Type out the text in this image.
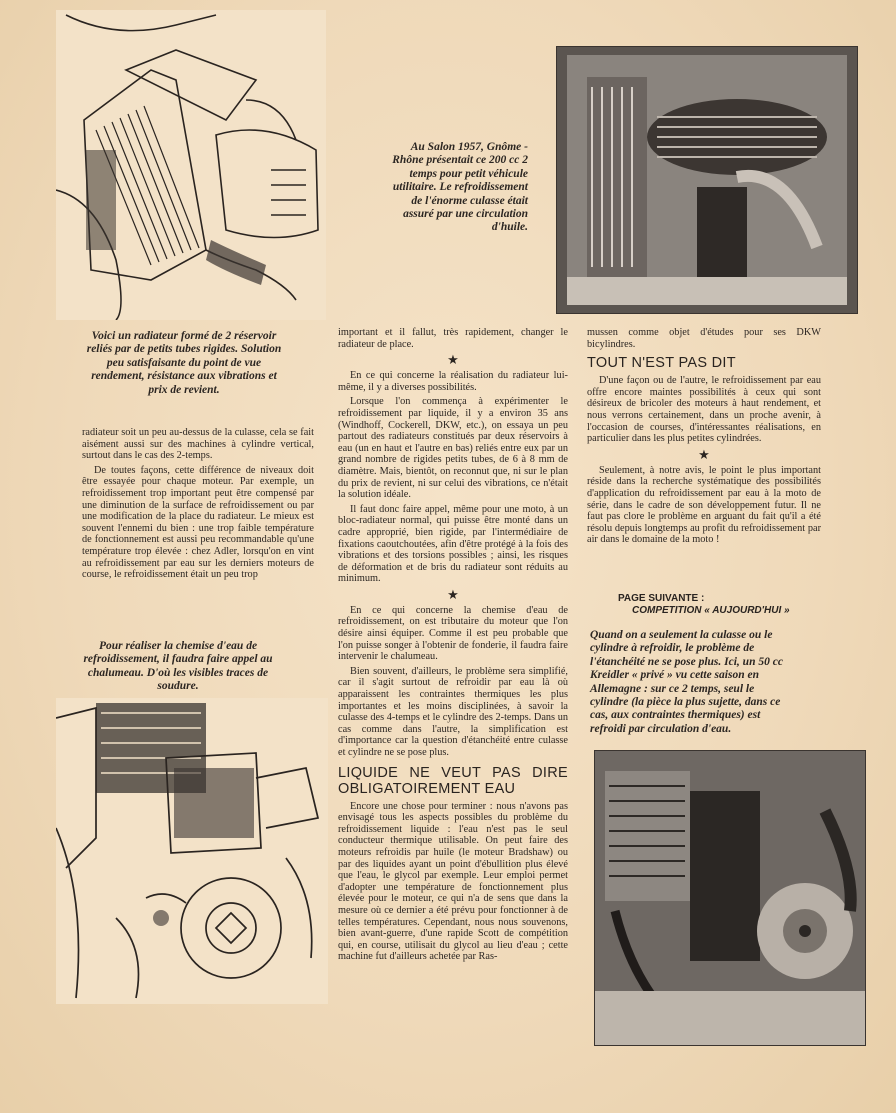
Au Salon 1957, Gnôme - Rhône présentait ce 200 cc 2 temps pour petit véhicule utilitaire. Le refroidissement de l'énorme culasse était assuré par une circulation d'huile.
Voici un radiateur formé de 2 réservoir reliés par de petits tubes rigides. Solution peu satisfaisante du point de vue rendement, résistance aux vibrations et prix de revient.

radiateur soit un peu au-dessus de la culasse, cela se fait aisément aussi sur des machines à cylindre vertical, surtout dans le cas des 2-temps.

De toutes façons, cette différence de niveaux doit être essayée pour chaque moteur. Par exemple, un refroidissement trop important peut être compensé par une diminution de la surface de refroidissement ou par une modification de la place du radiateur. Le mieux est souvent l'ennemi du bien : une trop faible température de fonctionnement est aussi peu recommandable qu'une température trop élevée : chez Adler, lorsqu'on en vint au refroidissement par eau sur les derniers moteurs de course, le refroidissement était un peu trop

Pour réaliser la chemise d'eau de refroidissement, il faudra faire appel au chalumeau. D'où les visibles traces de soudure.

important et il fallut, très rapidement, changer le radiateur de place.

★

En ce qui concerne la réalisation du radiateur lui-même, il y a diverses possibilités.

Lorsque l'on commença à expérimenter le refroidissement par liquide, il y a environ 35 ans (Windhoff, Cockerell, DKW, etc.), on essaya un peu partout des radiateurs constitués par deux réservoirs à eau (un en haut et l'autre en bas) reliés entre eux par un grand nombre de rigides petits tubes, de 6 à 8 mm de diamètre. Mais, bientôt, on reconnut que, ni sur le plan du prix de revient, ni sur celui des vibrations, ce n'était la solution idéale.

Il faut donc faire appel, même pour une moto, à un bloc-radiateur normal, qui puisse être monté dans un cadre approprié, bien rigide, par l'intermédiaire de fixations caoutchoutées, afin d'être protégé à la fois des vibrations et des torsions possibles ; ainsi, les risques de déformation et de bris du radiateur sont réduits au minimum.

★

En ce qui concerne la chemise d'eau de refroidissement, on est tributaire du moteur que l'on désire ainsi équiper. Comme il est peu probable que l'on puisse songer à l'obtenir de fonderie, il faudra faire intervenir le chalumeau.

Bien souvent, d'ailleurs, le problème sera simplifié, car il s'agit surtout de refroidir par eau là où apparaissent les contraintes thermiques les plus importantes et les moins disciplinées, à savoir la culasse des 4-temps et le cylindre des 2-temps. Dans un cas comme dans l'autre, la simplification est d'importance car la question d'étanchéité entre culasse et cylindre ne se pose plus.

LIQUIDE NE VEUT PAS DIRE OBLIGATOIREMENT EAU

Encore une chose pour terminer : nous n'avons pas envisagé tous les aspects possibles du problème du refroidissement liquide : l'eau n'est pas le seul conducteur thermique utilisable. On peut faire des moteurs refroidis par huile (le moteur Bradshaw) ou par des liquides ayant un point d'ébullition plus élevé que l'eau, le glycol par exemple. Leur emploi permet d'adopter une température de fonctionnement plus élevée pour le moteur, ce qui n'a de sens que dans la mesure où ce dernier a été prévu pour fonctionner à de telles températures. Cependant, nous nous souvenons, bien avant-guerre, d'une rapide Scott de compétition qui, en course, utilisait du glycol au lieu d'eau ; cette machine fut d'ailleurs achetée par Ras-

mussen comme objet d'études pour ses DKW bicylindres.

TOUT N'EST PAS DIT

D'une façon ou de l'autre, le refroidissement par eau offre encore maintes possibilités à ceux qui sont désireux de bricoler des moteurs à haut rendement, et nous verrons certainement, dans un proche avenir, à l'occasion de courses, d'intéressantes réalisations, en particulier dans les plus petites cylindrées.

★

Seulement, à notre avis, le point le plus important réside dans la recherche systématique des possibilités d'application du refroidissement par eau à la moto de série, dans le cadre de son développement futur. Il ne faut pas clore le problème en arguant du fait qu'il a été résolu depuis longtemps au profit du refroidissement par air dans le domaine de la moto !

PAGE SUIVANTE :
COMPETITION « AUJOURD'HUI »
Quand on a seulement la culasse ou le cylindre à refroidir, le problème de l'étanchéité ne se pose plus. Ici, un 50 cc Kreidler « privé » vu cette saison en Allemagne : sur ce 2 temps, seul le cylindre (la pièce la plus sujette, dans ce cas, aux contraintes thermiques) est refroidi par circulation d'eau.
